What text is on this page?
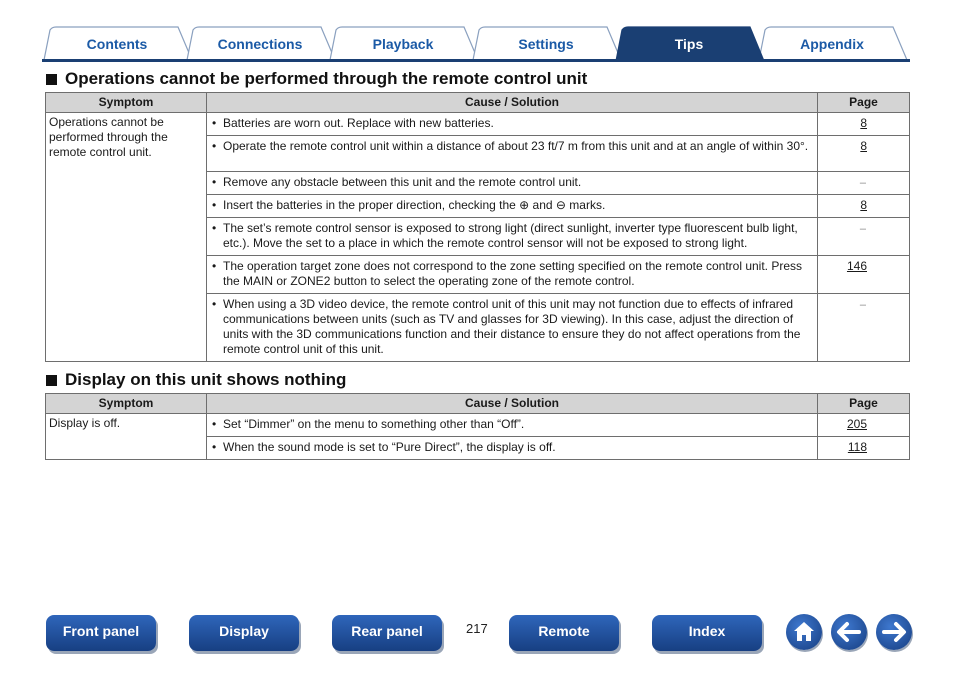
Contents	Connections	Playback	Settings	Tips	Appendix
Operations cannot be performed through the remote control unit
Symptom	Cause / Solution	Page
Operations cannot be performed through the remote control unit.	• Batteries are worn out. Replace with new batteries.	8
	• Operate the remote control unit within a distance of about 23 ft/7 m from this unit and at an angle of within 30°.	8
	• Remove any obstacle between this unit and the remote control unit.	–
	• Insert the batteries in the proper direction, checking the ⊕ and ⊖ marks.	8
	• The set’s remote control sensor is exposed to strong light (direct sunlight, inverter type fluorescent bulb light, etc.). Move the set to a place in which the remote control sensor will not be exposed to strong light.	–
	• The operation target zone does not correspond to the zone setting specified on the remote control unit. Press the MAIN or ZONE2 button to select the operating zone of the remote control.	146
	• When using a 3D video device, the remote control unit of this unit may not function due to effects of infrared communications between units (such as TV and glasses for 3D viewing). In this case, adjust the direction of units with the 3D communications function and their distance to ensure they do not affect operations from the remote control unit of this unit.	–
Display on this unit shows nothing
Symptom	Cause / Solution	Page
Display is off.	• Set “Dimmer” on the menu to something other than “Off”.	205
	• When the sound mode is set to “Pure Direct”, the display is off.	118
Front panel	Display	Rear panel	217	Remote	Index
